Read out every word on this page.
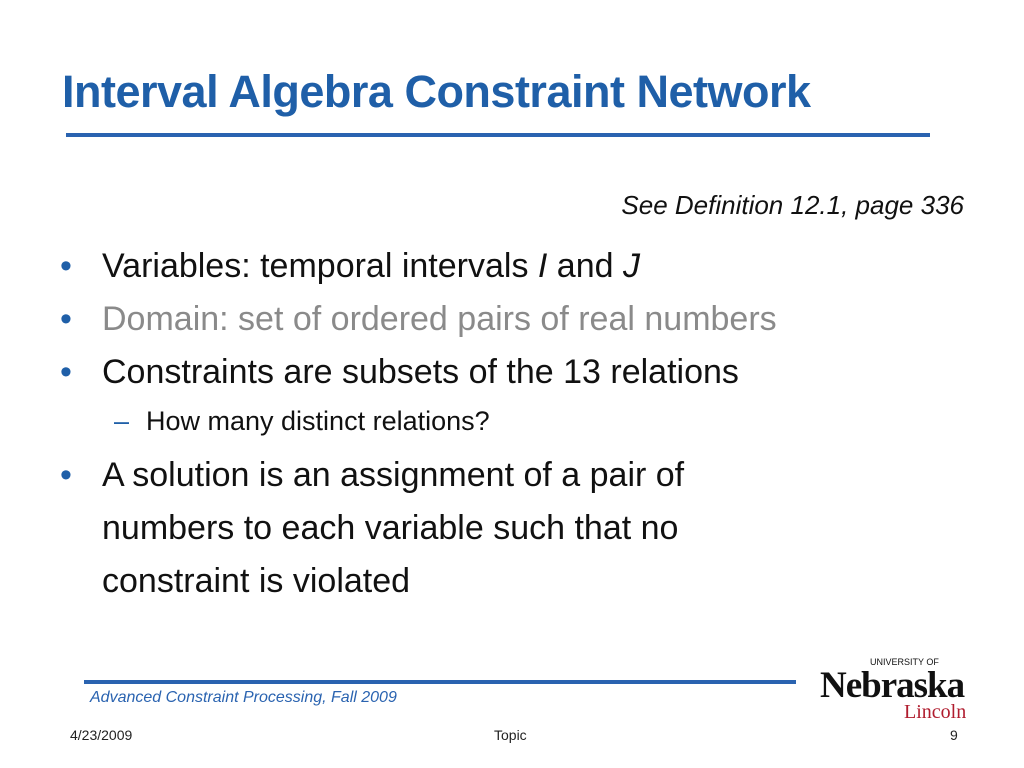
Interval Algebra Constraint Network
See Definition 12.1, page 336
• Variables: temporal intervals I and J
• Domain: set of ordered pairs of real numbers
• Constraints are subsets of the 13 relations
– How many distinct relations?
• A solution is an assignment of a pair of
numbers to each variable such that no
constraint is violated
Advanced Constraint Processing, Fall 2009
UNIVERSITY OF
Nebraska
Lincoln
4/23/2009	Topic	9
